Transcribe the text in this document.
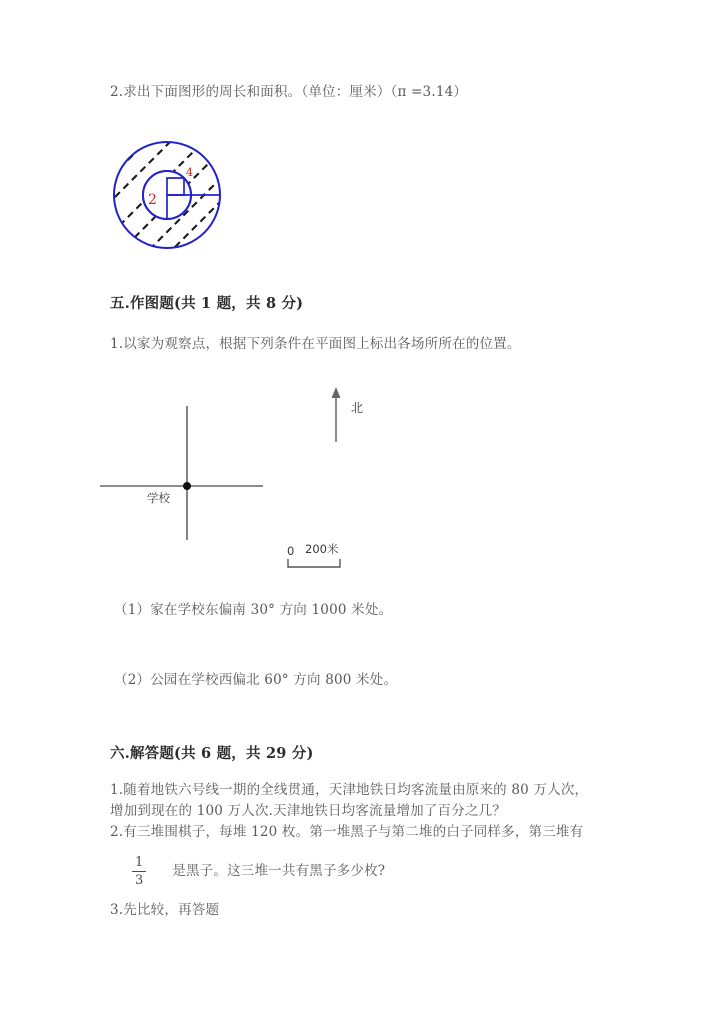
2.求出下面图形的周长和面积。（单位：厘米）（π =3.14）
2
4
五.作图题(共 1 题，共 8 分)
1.以家为观察点，根据下列条件在平面图上标出各场所所在的位置。
学校
北
0 200米
（1）家在学校东偏南 30° 方向 1000 米处。
（2）公园在学校西偏北 60° 方向 800 米处。
六.解答题(共 6 题，共 29 分)
1.随着地铁六号线一期的全线贯通，天津地铁日均客流量由原来的 80 万人次，
增加到现在的 100 万人次.天津地铁日均客流量增加了百分之几？
2.有三堆围棋子，每堆 120 枚。第一堆黑子与第二堆的白子同样多，第三堆有
$\frac{1}{3}$ 是黑子。这三堆一共有黑子多少枚?
3.先比较，再答题
